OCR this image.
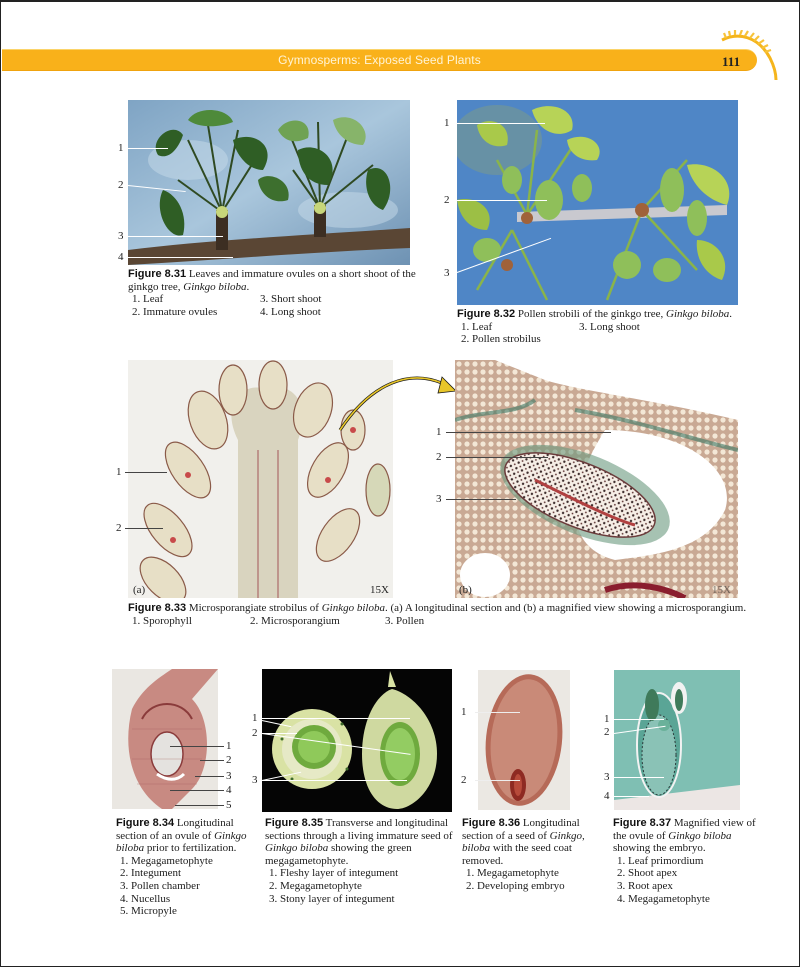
Gymnosperms: Exposed Seed Plants	111
1
2
3
4
Figure 8.31 Leaves and immature ovules on a short shoot of the ginkgo tree, Ginkgo biloba.
1. Leaf	3. Short shoot
2. Immature ovules	4. Long shoot
1
2
3
Figure 8.32 Pollen strobili of the ginkgo tree, Ginkgo biloba.
1. Leaf	3. Long shoot
2. Pollen strobilus
1
2
(a)	15X
1
2
3
(b)	15X
Figure 8.33 Microsporangiate strobilus of Ginkgo biloba. (a) A longitudinal section and (b) a magnified view showing a microsporangium.
1. Sporophyll	2. Microsporangium	3. Pollen
1
2
3
4
5
Figure 8.34 Longitudinal section of an ovule of Ginkgo biloba prior to fertilization.
1. Megagametophyte
2. Integument
3. Pollen chamber
4. Nucellus
5. Micropyle
1
2
3
Figure 8.35 Transverse and longitudinal sections through a living immature seed of Ginkgo biloba showing the green megagametophyte.
1. Fleshy layer of integument
2. Megagametophyte
3. Stony layer of integument
1
2
Figure 8.36 Longitudinal section of a seed of Ginkgo, biloba with the seed coat removed.
1. Megagametophyte
2. Developing embryo
1
2
3
4
Figure 8.37 Magnified view of the ovule of Ginkgo biloba showing the embryo.
1. Leaf primordium
2. Shoot apex
3. Root apex
4. Megagametophyte
